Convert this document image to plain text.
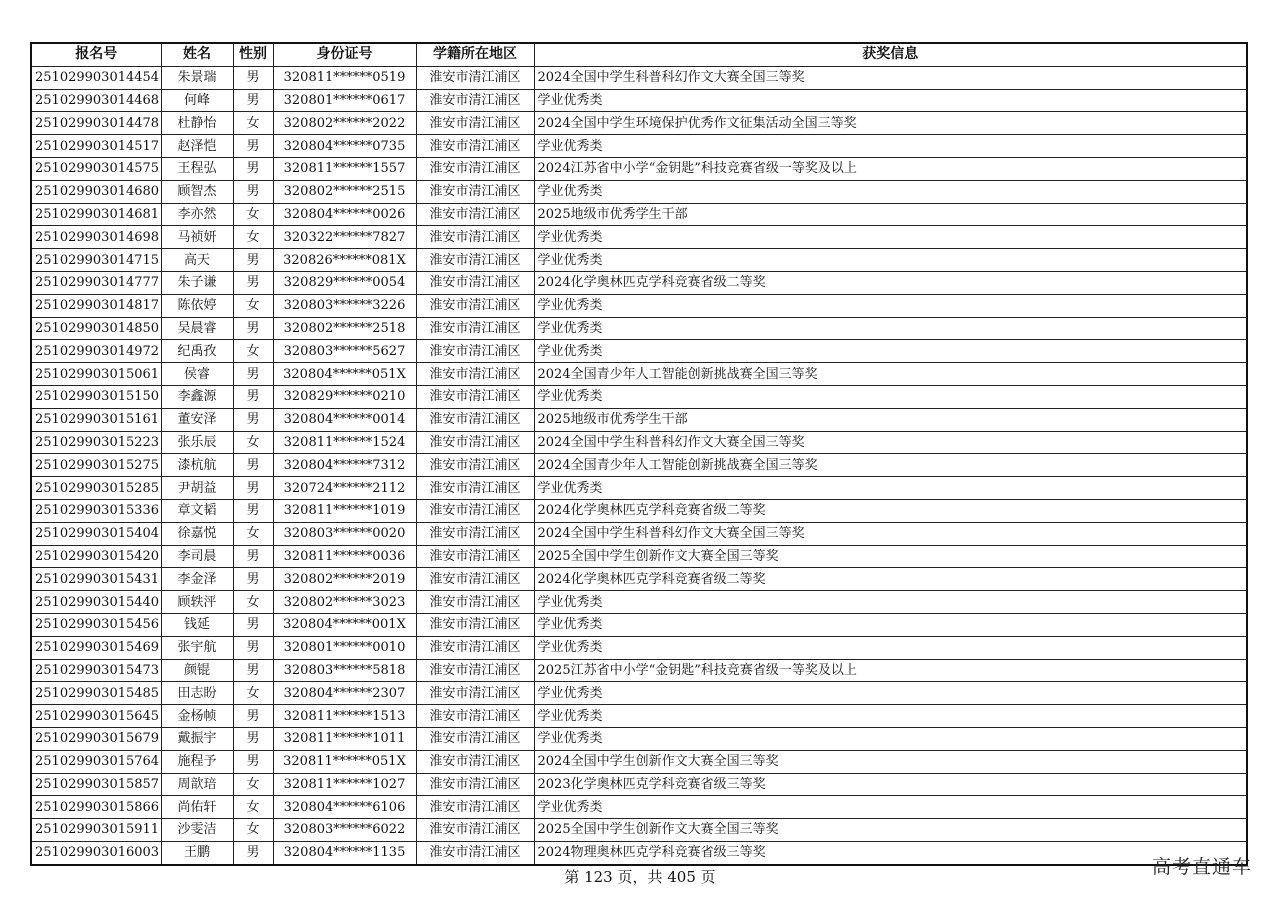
报名号	姓名	性别	身份证号	学籍所在地区	获奖信息
251029903014454	朱景瑞	男	320811******0519	淮安市清江浦区	2024全国中学生科普科幻作文大赛全国三等奖
251029903014468	何峰	男	320801******0617	淮安市清江浦区	学业优秀类
251029903014478	杜静怡	女	320802******2022	淮安市清江浦区	2024全国中学生环境保护优秀作文征集活动全国三等奖
251029903014517	赵泽恺	男	320804******0735	淮安市清江浦区	学业优秀类
251029903014575	王程弘	男	320811******1557	淮安市清江浦区	2024江苏省中小学“金钥匙”科技竞赛省级一等奖及以上
251029903014680	顾智杰	男	320802******2515	淮安市清江浦区	学业优秀类
251029903014681	李亦然	女	320804******0026	淮安市清江浦区	2025地级市优秀学生干部
251029903014698	马祯妍	女	320322******7827	淮安市清江浦区	学业优秀类
251029903014715	高天	男	320826******081X	淮安市清江浦区	学业优秀类
251029903014777	朱子谦	男	320829******0054	淮安市清江浦区	2024化学奥林匹克学科竞赛省级二等奖
251029903014817	陈依婷	女	320803******3226	淮安市清江浦区	学业优秀类
251029903014850	吴晨睿	男	320802******2518	淮安市清江浦区	学业优秀类
251029903014972	纪禹孜	女	320803******5627	淮安市清江浦区	学业优秀类
251029903015061	侯睿	男	320804******051X	淮安市清江浦区	2024全国青少年人工智能创新挑战赛全国三等奖
251029903015150	李鑫源	男	320829******0210	淮安市清江浦区	学业优秀类
251029903015161	董安泽	男	320804******0014	淮安市清江浦区	2025地级市优秀学生干部
251029903015223	张乐辰	女	320811******1524	淮安市清江浦区	2024全国中学生科普科幻作文大赛全国三等奖
251029903015275	漆杭航	男	320804******7312	淮安市清江浦区	2024全国青少年人工智能创新挑战赛全国三等奖
251029903015285	尹胡益	男	320724******2112	淮安市清江浦区	学业优秀类
251029903015336	章文韬	男	320811******1019	淮安市清江浦区	2024化学奥林匹克学科竞赛省级二等奖
251029903015404	徐嘉悦	女	320803******0020	淮安市清江浦区	2024全国中学生科普科幻作文大赛全国三等奖
251029903015420	李司晨	男	320811******0036	淮安市清江浦区	2025全国中学生创新作文大赛全国三等奖
251029903015431	李金泽	男	320802******2019	淮安市清江浦区	2024化学奥林匹克学科竞赛省级二等奖
251029903015440	顾轶泙	女	320802******3023	淮安市清江浦区	学业优秀类
251029903015456	钱延	男	320804******001X	淮安市清江浦区	学业优秀类
251029903015469	张宇航	男	320801******0010	淮安市清江浦区	学业优秀类
251029903015473	颜锟	男	320803******5818	淮安市清江浦区	2025江苏省中小学“金钥匙”科技竞赛省级一等奖及以上
251029903015485	田志盼	女	320804******2307	淮安市清江浦区	学业优秀类
251029903015645	金杨帧	男	320811******1513	淮安市清江浦区	学业优秀类
251029903015679	戴振宇	男	320811******1011	淮安市清江浦区	学业优秀类
251029903015764	施程予	男	320811******051X	淮安市清江浦区	2024全国中学生创新作文大赛全国三等奖
251029903015857	周歆琣	女	320811******1027	淮安市清江浦区	2023化学奥林匹克学科竞赛省级三等奖
251029903015866	尚佑轩	女	320804******6106	淮安市清江浦区	学业优秀类
251029903015911	沙雯洁	女	320803******6022	淮安市清江浦区	2025全国中学生创新作文大赛全国三等奖
251029903016003	王鹏	男	320804******1135	淮安市清江浦区	2024物理奥林匹克学科竞赛省级三等奖
第 123 页，共 405 页	高考直通车
